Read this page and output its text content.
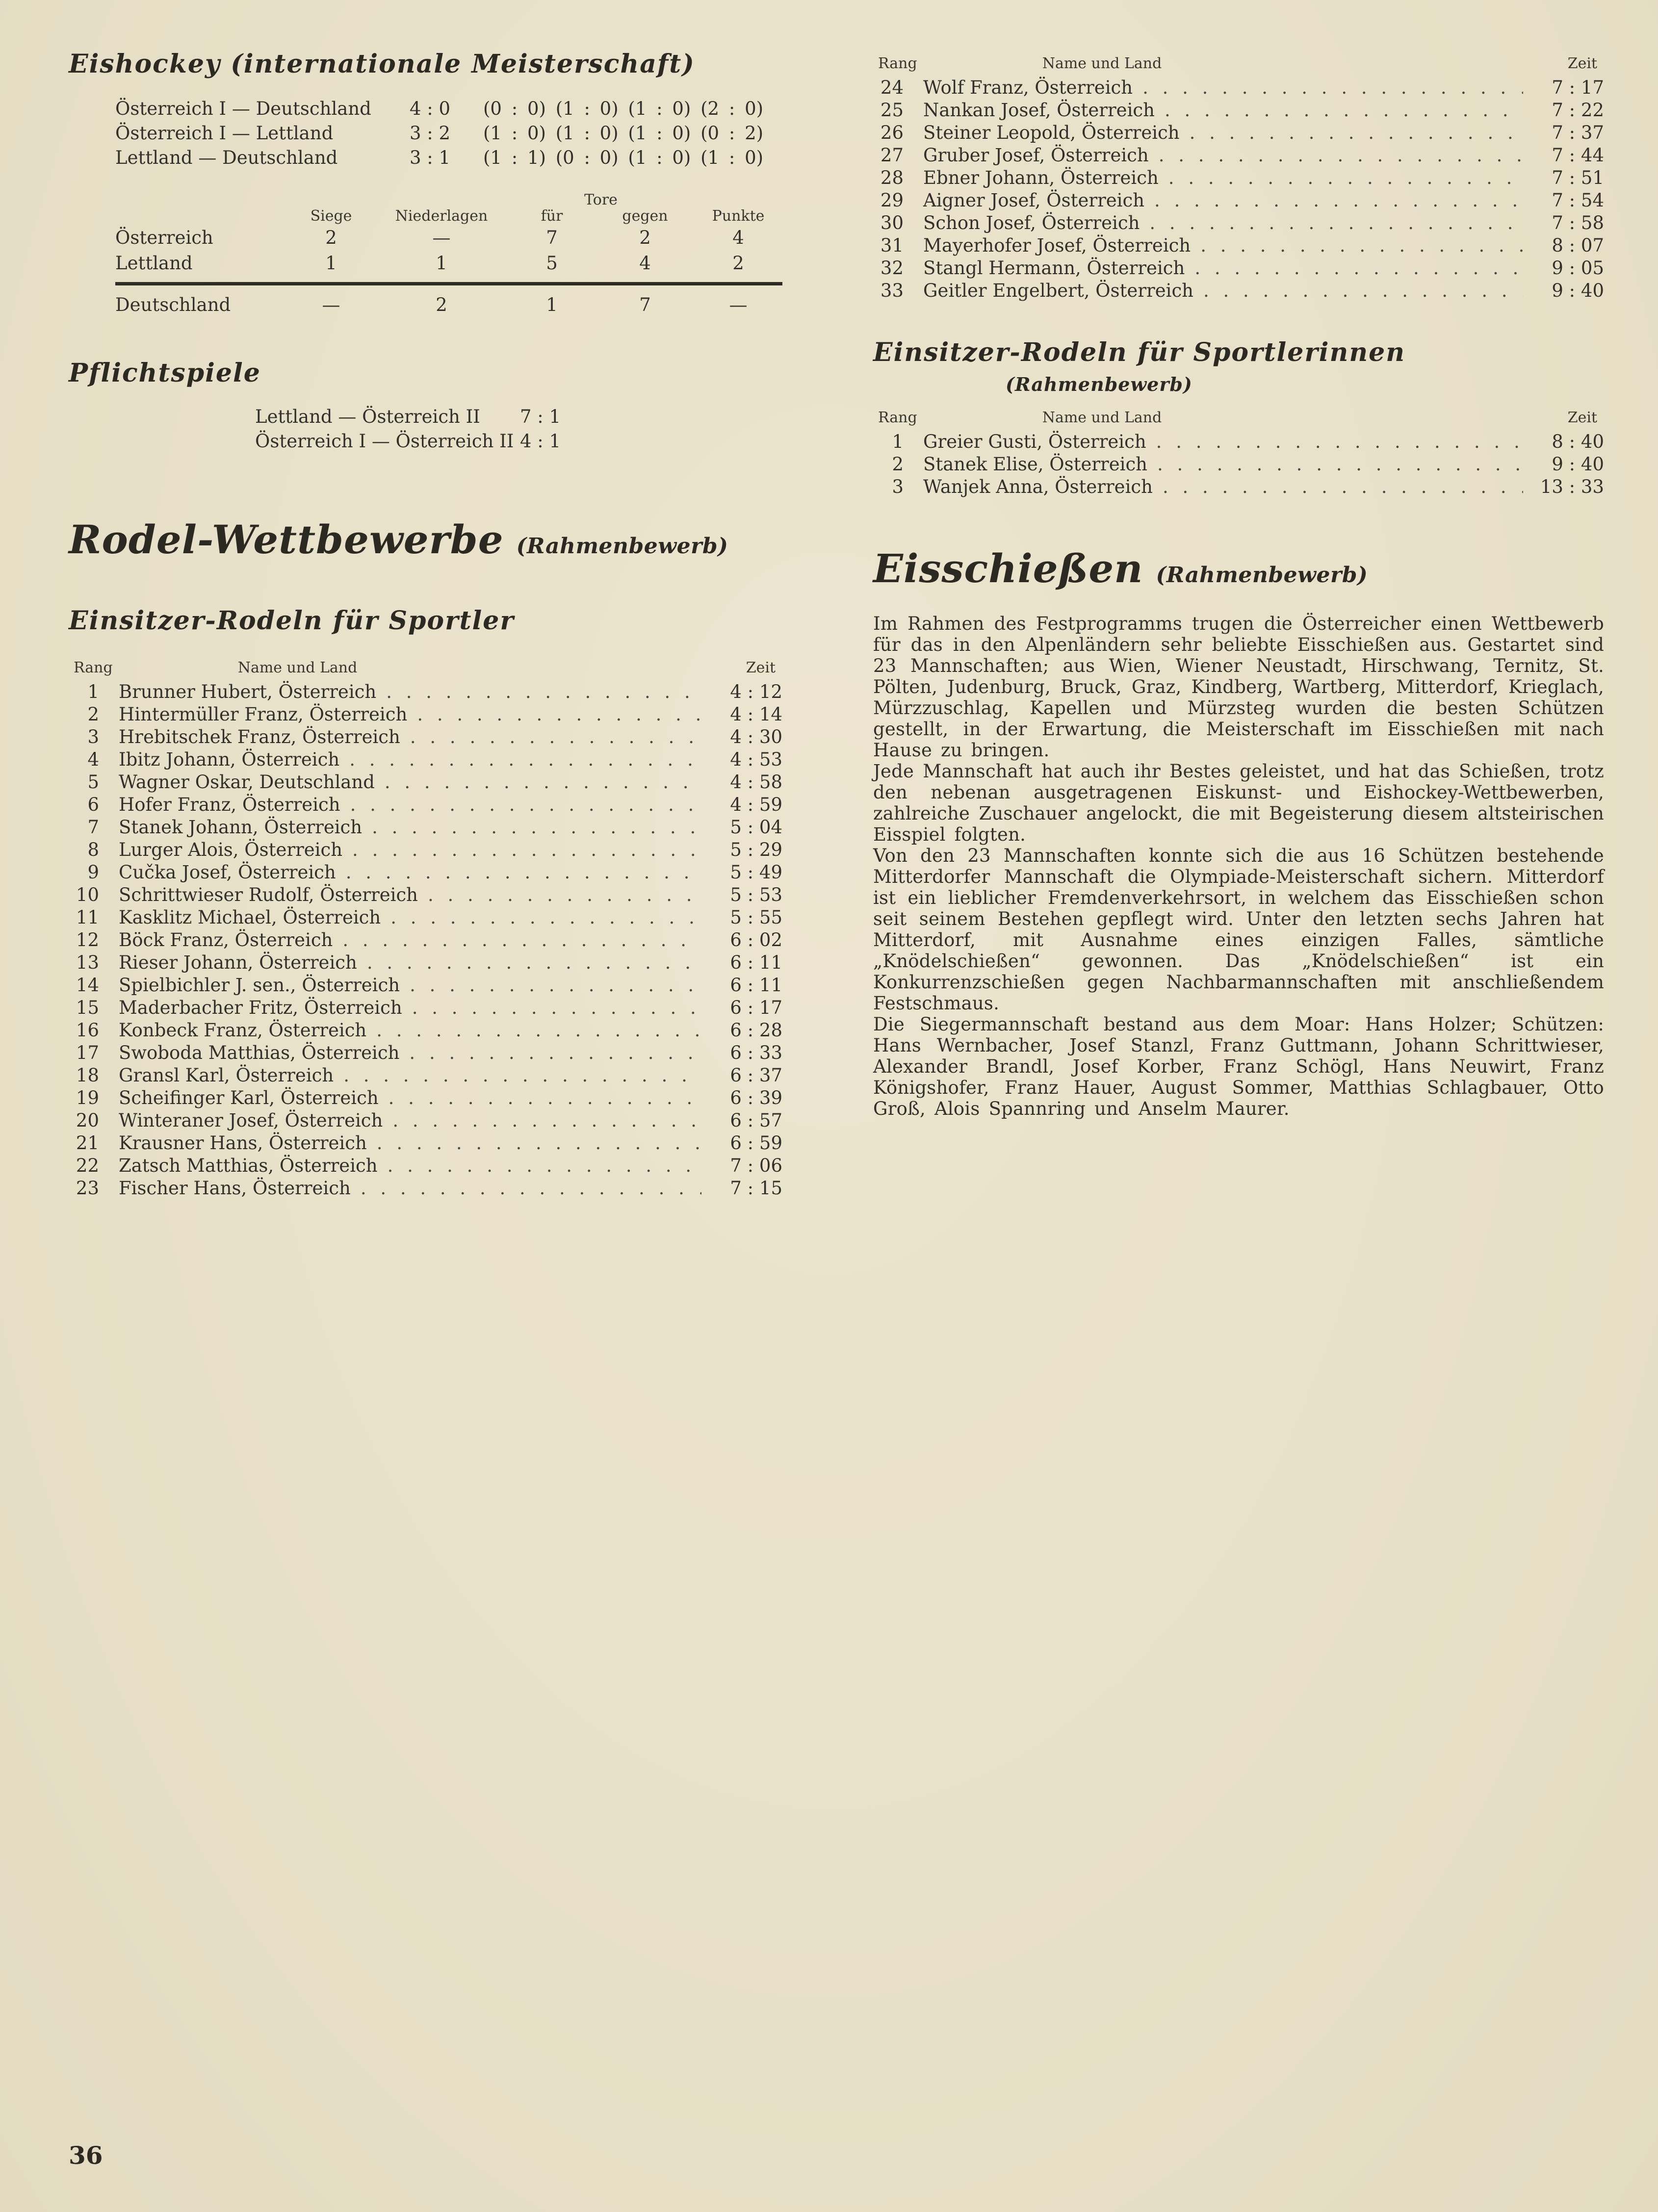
Eishockey (internationale Meisterschaft)
Österreich I — Deutschland	4 : 0	(0 : 0) (1 : 0) (1 : 0) (2 : 0)
Österreich I — Lettland	3 : 2	(1 : 0) (1 : 0) (1 : 0) (0 : 2)
Lettland — Deutschland	3 : 1	(1 : 1) (0 : 0) (1 : 0) (1 : 0)
Tore
Siege	Niederlagen	für	gegen	Punkte
Österreich	2	—	7	2	4
Lettland	1	1	5	4	2
Deutschland	—	2	1	7	—
Pflichtspiele
Lettland — Österreich II	7 : 1
Österreich I — Österreich II 4 : 1
Rodel-Wettbewerbe (Rahmenbewerb)
Einsitzer-Rodeln für Sportler
Rang	Name und Land	Zeit
1 Brunner Hubert, Österreich . . .	4 : 12
2 Hintermüller Franz, Österreich . . .	4 : 14
3 Hrebitschek Franz, Österreich . . .	4 : 30
4 Ibitz Johann, Österreich . . .	4 : 53
5 Wagner Oskar, Deutschland . . .	4 : 58
6 Hofer Franz, Österreich . . .	4 : 59
7 Stanek Johann, Österreich . . .	5 : 04
8 Lurger Alois, Österreich . . .	5 : 29
9 Cučka Josef, Österreich . . .	5 : 49
10 Schrittwieser Rudolf, Österreich . . .	5 : 53
11 Kasklitz Michael, Österreich . . .	5 : 55
12 Böck Franz, Österreich . . .	6 : 02
13 Rieser Johann, Österreich . . .	6 : 11
14 Spielbichler J. sen., Österreich . . .	6 : 11
15 Maderbacher Fritz, Österreich . . .	6 : 17
16 Konbeck Franz, Österreich . . .	6 : 28
17 Swoboda Matthias, Österreich . . .	6 : 33
18 Gransl Karl, Österreich . . .	6 : 37
19 Scheifinger Karl, Österreich . . .	6 : 39
20 Winteraner Josef, Österreich . . .	6 : 57
21 Krausner Hans, Österreich . . .	6 : 59
22 Zatsch Matthias, Österreich . . .	7 : 06
23 Fischer Hans, Österreich . . .	7 : 15
Rang	Name und Land	Zeit
24 Wolf Franz, Österreich . . .	7 : 17
25 Nankan Josef, Österreich . . .	7 : 22
26 Steiner Leopold, Österreich . . .	7 : 37
27 Gruber Josef, Österreich . . .	7 : 44
28 Ebner Johann, Österreich . . .	7 : 51
29 Aigner Josef, Österreich . . .	7 : 54
30 Schon Josef, Österreich . . .	7 : 58
31 Mayerhofer Josef, Österreich . . .	8 : 07
32 Stangl Hermann, Österreich . . .	9 : 05
33 Geitler Engelbert, Österreich . . .	9 : 40
Einsitzer-Rodeln für Sportlerinnen
(Rahmenbewerb)
Rang	Name und Land	Zeit
1 Greier Gusti, Österreich . . .	8 : 40
2 Stanek Elise, Österreich . . .	9 : 40
3 Wanjek Anna, Österreich . . .	13 : 33
Eisschießen (Rahmenbewerb)

Im Rahmen des Festprogramms trugen die Österreicher einen Wettbewerb für das in den Alpenländern sehr beliebte Eisschießen aus. Gestartet sind 23 Mannschaften; aus Wien, Wiener Neustadt, Hirschwang, Ternitz, St. Pölten, Judenburg, Bruck, Graz, Kindberg, Wartberg, Mitterdorf, Krieglach, Mürzzuschlag, Kapellen und Mürzsteg wurden die besten Schützen gestellt, in der Erwartung, die Meisterschaft im Eisschießen mit nach Hause zu bringen.

Jede Mannschaft hat auch ihr Bestes geleistet, und hat das Schießen, trotz den nebenan ausgetragenen Eiskunst- und Eishockey-Wettbewerben, zahlreiche Zuschauer angelockt, die mit Begeisterung diesem altsteirischen Eisspiel folgten.

Von den 23 Mannschaften konnte sich die aus 16 Schützen bestehende Mitterdorfer Mannschaft die Olympiade-Meisterschaft sichern. Mitterdorf ist ein lieblicher Fremdenverkehrsort, in welchem das Eisschießen schon seit seinem Bestehen gepflegt wird. Unter den letzten sechs Jahren hat Mitterdorf, mit Ausnahme eines einzigen Falles, sämtliche „Knödelschießen“ gewonnen. Das „Knödelschießen“ ist ein Konkurrenzschießen gegen Nachbarmannschaften mit anschließendem Festschmaus.

Die Siegermannschaft bestand aus dem Moar: Hans Holzer; Schützen: Hans Wernbacher, Josef Stanzl, Franz Guttmann, Johann Schrittwieser, Alexander Brandl, Josef Korber, Franz Schögl, Hans Neuwirt, Franz Königshofer, Franz Hauer, August Sommer, Matthias Schlagbauer, Otto Groß, Alois Spannring und Anselm Maurer.

36
